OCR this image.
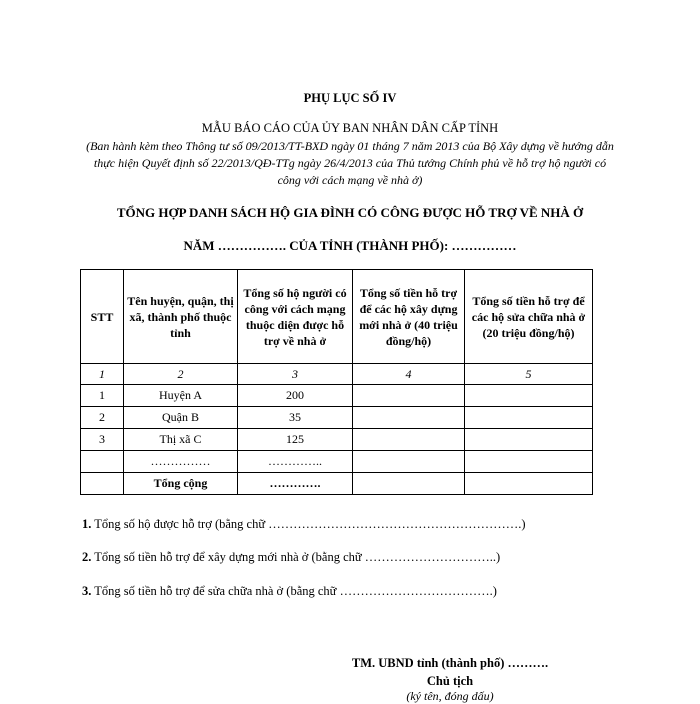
PHỤ LỤC SỐ IV
MẪU BÁO CÁO CỦA ỦY BAN NHÂN DÂN CẤP TỈNH
(Ban hành kèm theo Thông tư số 09/2013/TT-BXD ngày 01 tháng 7 năm 2013 của Bộ Xây dựng về hướng dẫn thực hiện Quyết định số 22/2013/QĐ-TTg ngày 26/4/2013 của Thủ tướng Chính phủ về hỗ trợ hộ người có công với cách mạng về nhà ở)
TỔNG HỢP DANH SÁCH HỘ GIA ĐÌNH CÓ CÔNG ĐƯỢC HỖ TRỢ VỀ NHÀ Ở
NĂM ……………. CỦA TỈNH (THÀNH PHỐ): ……………
STT	Tên huyện, quận, thị xã, thành phố thuộc tỉnh	Tổng số hộ người có công với cách mạng thuộc diện được hỗ trợ về nhà ở	Tổng số tiền hỗ trợ để các hộ xây dựng mới nhà ở (40 triệu đồng/hộ)	Tổng số tiền hỗ trợ để các hộ sửa chữa nhà ở (20 triệu đồng/hộ)
1	2	3	4	5
1	Huyện A	200		
2	Quận B	35		
3	Thị xã C	125		
	……………	…………..		
	Tổng cộng	………….		
1. Tổng số hộ được hỗ trợ (bằng chữ …………………………………………………….)
2. Tổng số tiền hỗ trợ để xây dựng mới nhà ở (bằng chữ …………………………..)
3. Tổng số tiền hỗ trợ để sửa chữa nhà ở (bằng chữ ……………………………….)
TM. UBND tỉnh (thành phố) ……….
Chủ tịch
(ký tên, đóng dấu)
